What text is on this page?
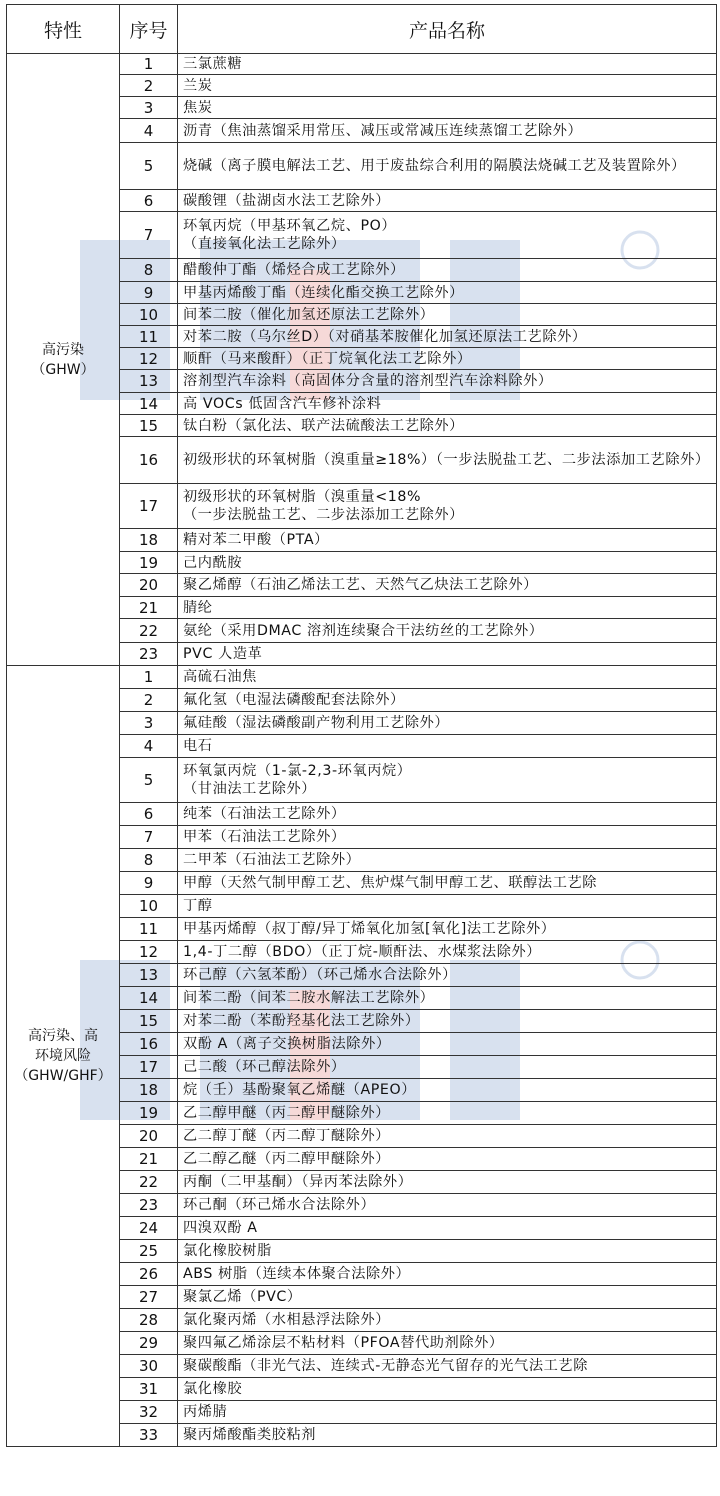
特性	序号	产品名称

高污染
（GHW）	1	三氯蔗糖
	2	兰炭
	3	焦炭
	4	沥青（焦油蒸馏采用常压、减压或常减压连续蒸馏工艺除外）
	5	烧碱（离子膜电解法工艺、用于废盐综合利用的隔膜法烧碱工艺及装置除外）
	6	碳酸锂（盐湖卤水法工艺除外）
	7	环氧丙烷（甲基环氧乙烷、PO）
（直接氧化法工艺除外）
	8	醋酸仲丁酯（烯烃合成工艺除外）
	9	甲基丙烯酸丁酯（连续化酯交换工艺除外）
	10	间苯二胺（催化加氢还原法工艺除外）
	11	对苯二胺（乌尔丝D）（对硝基苯胺催化加氢还原法工艺除外）
	12	顺酐（马来酸酐）（正丁烷氧化法工艺除外）
	13	溶剂型汽车涂料（高固体分含量的溶剂型汽车涂料除外）
	14	高 VOCs 低固含汽车修补涂料
	15	钛白粉（氯化法、联产法硫酸法工艺除外）
	16	初级形状的环氧树脂（溴重量≥18%）（一步法脱盐工艺、二步法添加工艺除外）
	17	初级形状的环氧树脂（溴重量<18%
（一步法脱盐工艺、二步法添加工艺除外）
	18	精对苯二甲酸（PTA）
	19	己内酰胺
	20	聚乙烯醇（石油乙烯法工艺、天然气乙炔法工艺除外）
	21	腈纶
	22	氨纶（采用DMAC 溶剂连续聚合干法纺丝的工艺除外）
	23	PVC 人造革

高污染、高
环境风险
（GHW/GHF）	1	高硫石油焦
	2	氟化氢（电湿法磷酸配套法除外）
	3	氟硅酸（湿法磷酸副产物利用工艺除外）
	4	电石
	5	环氧氯丙烷（1-氯-2,3-环氧丙烷）
（甘油法工艺除外）
	6	纯苯（石油法工艺除外）
	7	甲苯（石油法工艺除外）
	8	二甲苯（石油法工艺除外）
	9	甲醇（天然气制甲醇工艺、焦炉煤气制甲醇工艺、联醇法工艺除
	10	丁醇
	11	甲基丙烯醇（叔丁醇/异丁烯氧化加氢[氧化]法工艺除外）
	12	1,4-丁二醇（BDO）（正丁烷-顺酐法、水煤浆法除外）
	13	环己醇（六氢苯酚）（环己烯水合法除外）
	14	间苯二酚（间苯二胺水解法工艺除外）
	15	对苯二酚（苯酚羟基化法工艺除外）
	16	双酚 A（离子交换树脂法除外）
	17	己二酸（环己醇法除外）
	18	烷（壬）基酚聚氧乙烯醚（APEO）
	19	乙二醇甲醚（丙二醇甲醚除外）
	20	乙二醇丁醚（丙二醇丁醚除外）
	21	乙二醇乙醚（丙二醇甲醚除外）
	22	丙酮（二甲基酮）（异丙苯法除外）
	23	环己酮（环己烯水合法除外）
	24	四溴双酚 A
	25	氯化橡胶树脂
	26	ABS 树脂（连续本体聚合法除外）
	27	聚氯乙烯（PVC）
	28	氯化聚丙烯（水相悬浮法除外）
	29	聚四氟乙烯涂层不粘材料（PFOA替代助剂除外）
	30	聚碳酸酯（非光气法、连续式-无静态光气留存的光气法工艺除
	31	氯化橡胶
	32	丙烯腈
	33	聚丙烯酸酯类胶粘剂
